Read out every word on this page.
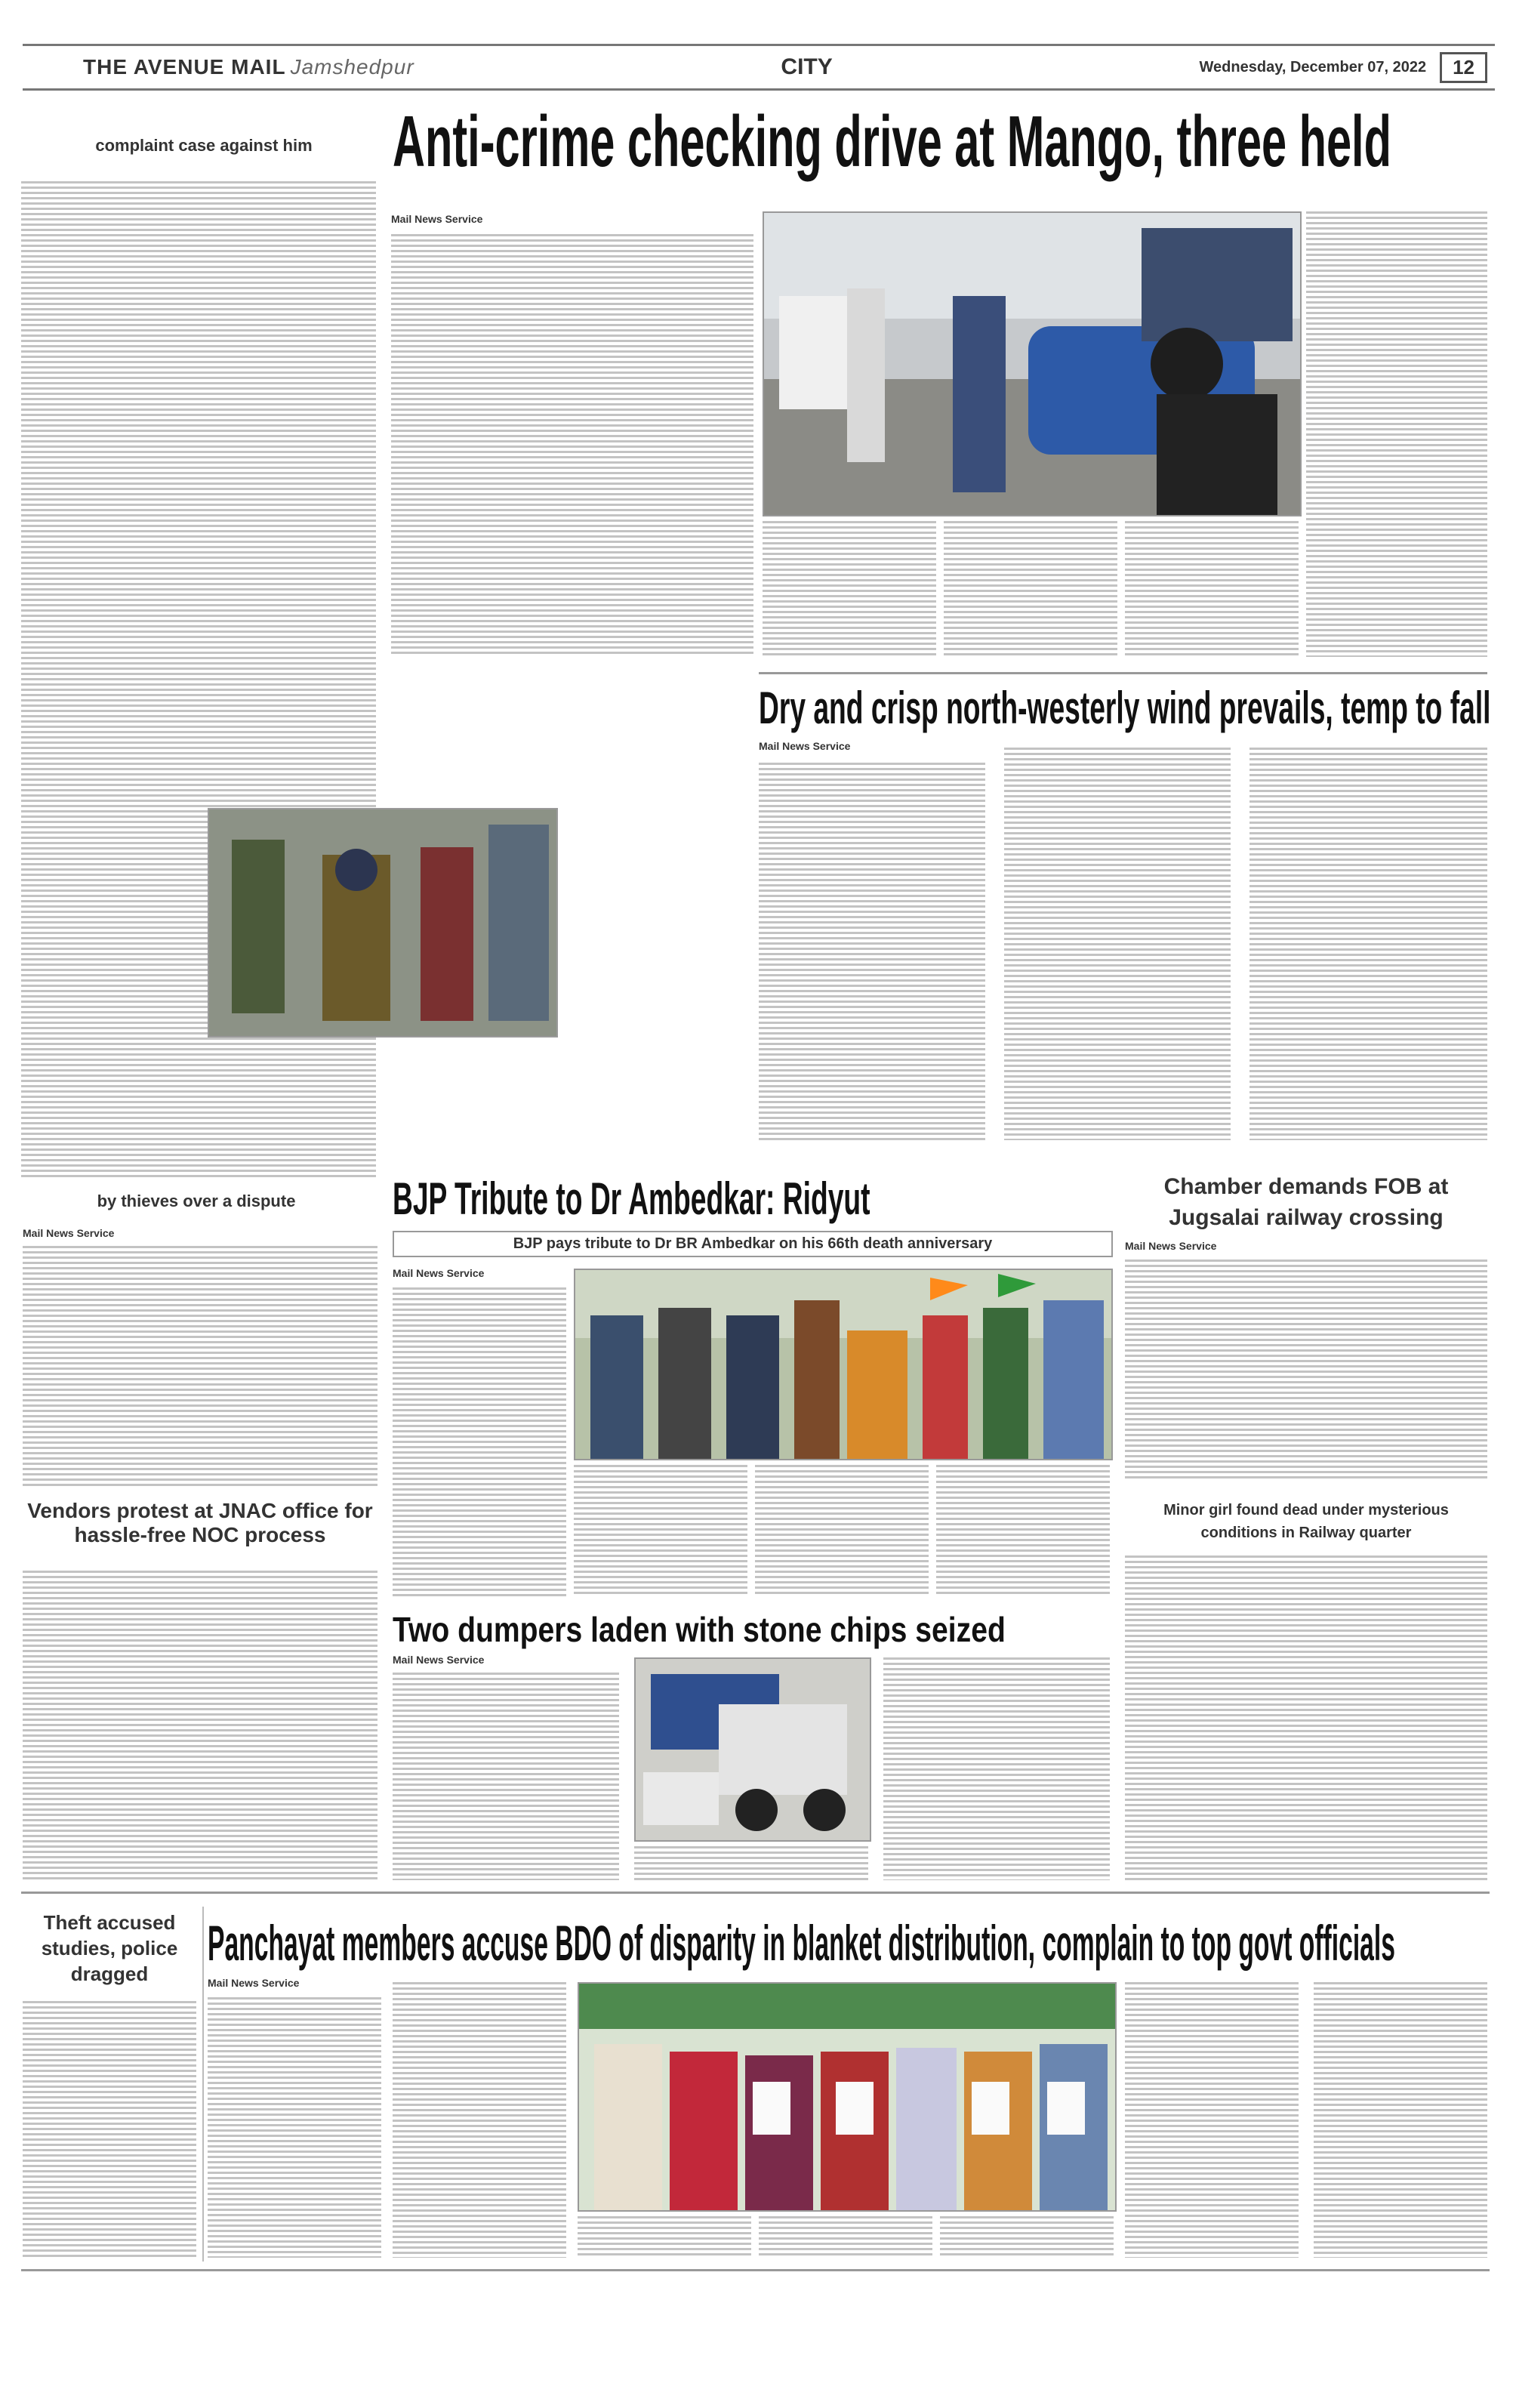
THE AVENUE MAIL Jamshedpur	CITY	Wednesday, December 07, 2022	12
complaint case against him	Anti-crime checking drive at Mango, three held
Mail News Service
Dry and crisp north-westerly wind prevails, temp to fall
Mail News Service
by thieves over a dispute
Mail News Service
Vendors protest at JNAC office for hassle-free NOC process
BJP Tribute to Dr Ambedkar: Ridyut
BJP pays tribute to Dr BR Ambedkar on his 66th death anniversary
Mail News Service
Chamber demands FOB at Jugsalai railway crossing
Mail News Service
Minor girl found dead under mysterious conditions in Railway quarter
Two dumpers laden with stone chips seized
Mail News Service
Theft accused studies, police dragged
Panchayat members accuse BDO of disparity in blanket distribution, complain to top govt officials
Mail News Service
